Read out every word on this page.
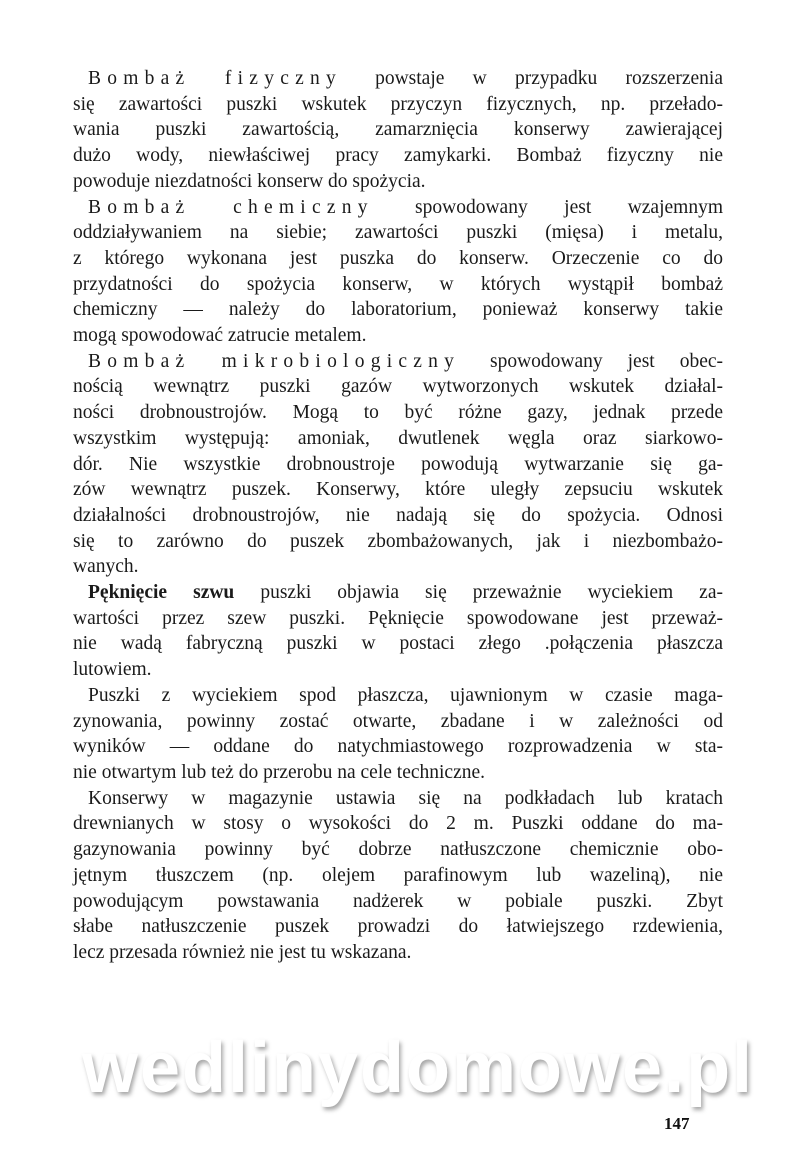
Bombaż fizyczny powstaje w przypadku rozszerzenia
się zawartości puszki wskutek przyczyn fizycznych, np. przełado-
wania puszki zawartością, zamarznięcia konserwy zawierającej
dużo wody, niewłaściwej pracy zamykarki. Bombaż fizyczny nie
powoduje niezdatności konserw do spożycia.
Bombaż chemiczny spowodowany jest wzajemnym
oddziaływaniem na siebie; zawartości puszki (mięsa) i metalu,
z którego wykonana jest puszka do konserw. Orzeczenie co do
przydatności do spożycia konserw, w których wystąpił bombaż
chemiczny — należy do laboratorium, ponieważ konserwy takie
mogą spowodować zatrucie metalem.
Bombaż mikrobiologiczny spowodowany jest obec-
nością wewnątrz puszki gazów wytworzonych wskutek działal-
ności drobnoustrojów. Mogą to być różne gazy, jednak przede
wszystkim występują: amoniak, dwutlenek węgla oraz siarkowo-
dór. Nie wszystkie drobnoustroje powodują wytwarzanie się ga-
zów wewnątrz puszek. Konserwy, które uległy zepsuciu wskutek
działalności drobnoustrojów, nie nadają się do spożycia. Odnosi
się to zarówno do puszek zbombażowanych, jak i niezbombażo-
wanych.
Pęknięcie szwu puszki objawia się przeważnie wyciekiem za-
wartości przez szew puszki. Pęknięcie spowodowane jest przeważ-
nie wadą fabryczną puszki w postaci złego .połączenia płaszcza
lutowiem.
Puszki z wyciekiem spod płaszcza, ujawnionym w czasie maga-
zynowania, powinny zostać otwarte, zbadane i w zależności od
wyników — oddane do natychmiastowego rozprowadzenia w sta-
nie otwartym lub też do przerobu na cele techniczne.
Konserwy w magazynie ustawia się na podkładach lub kratach
drewnianych w stosy o wysokości do 2 m. Puszki oddane do ma-
gazynowania powinny być dobrze natłuszczone chemicznie obo-
jętnym tłuszczem (np. olejem parafinowym lub wazeliną), nie
powodującym powstawania nadżerek w pobiale puszki. Zbyt
słabe natłuszczenie puszek prowadzi do łatwiejszego rzdewienia,
lecz przesada również nie jest tu wskazana.
wedlinydomowe.pl
147
